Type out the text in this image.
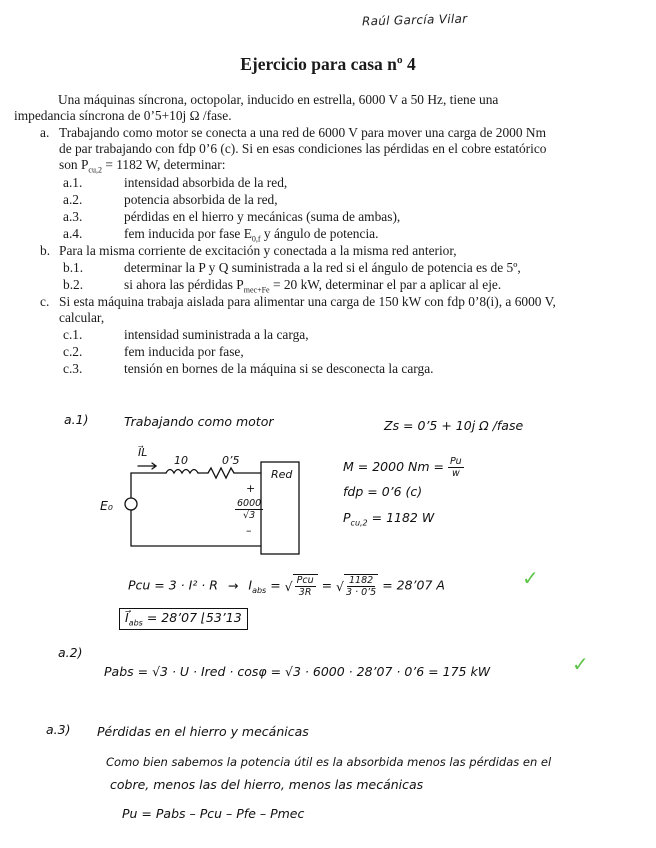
Raúl García Vilar
Ejercicio para casa nº 4
Una máquinas síncrona, octopolar, inducido en estrella, 6000 V a 50 Hz, tiene una
impedancia síncrona de 0’5+10j Ω /fase.
a. Trabajando como motor se conecta a una red de 6000 V para mover una carga de 2000 Nm
de par trabajando con fdp 0’6 (c). Si en esas condiciones las pérdidas en el cobre estatórico
son $P_{cu,2} = 1182$ W, determinar:
a.1.	intensidad absorbida de la red,
a.2.	potencia absorbida de la red,
a.3.	pérdidas en el hierro y mecánicas (suma de ambas),
a.4.	fem inducida por fase $E_{0,f}$ y ángulo de potencia.
b. Para la misma corriente de excitación y conectada a la misma red anterior,
b.1.	determinar la P y Q suministrada a la red si el ángulo de potencia es de 5º,
b.2.	si ahora las pérdidas $P_{mec+Fe} = 20$ kW, determinar el par a aplicar al eje.
c. Si esta máquina trabaja aislada para alimentar una carga de 150 kW con fdp 0’8(i), a 6000 V,
calcular,
c.1.	intensidad suministrada a la carga,
c.2.	fem inducida por fase,
c.3.	tensión en bornes de la máquina si se desconecta la carga.
a.1)	Trabajando como motor	Zs = 0’5 + 10j Ω /fase
I⃗L
10	0’5
Red
+
$\frac{6000}{√3}$
–
E₀
M = 2000 $Nm = \frac{Pu}{w}$
fdp = 0’6 (c)
$P_{cu,2} = 1182$ W
Pcu = $3 \cdot I^2 \cdot R \to I_{abs}$ = √ $\frac{\text{Pcu}}{3R}$ = √ $\frac{1182}{3 \cdot 0’5}$ = 28’07 A	✓
$I⃗_{abs}$ = 28’07 ⌊53’13
a.2)
Pabs = √3 · U · Ired · cosφ = √3 · 6000 · 28’07 · 0’6 = 175 kW	✓
a.3) Pérdidas en el hierro y mecánicas
Como bien sabemos la potencia útil es la absorbida menos las pérdidas en el
cobre, menos las del hierro, menos las mecánicas
Pu = Pabs – Pcu – Pfe – Pmec
